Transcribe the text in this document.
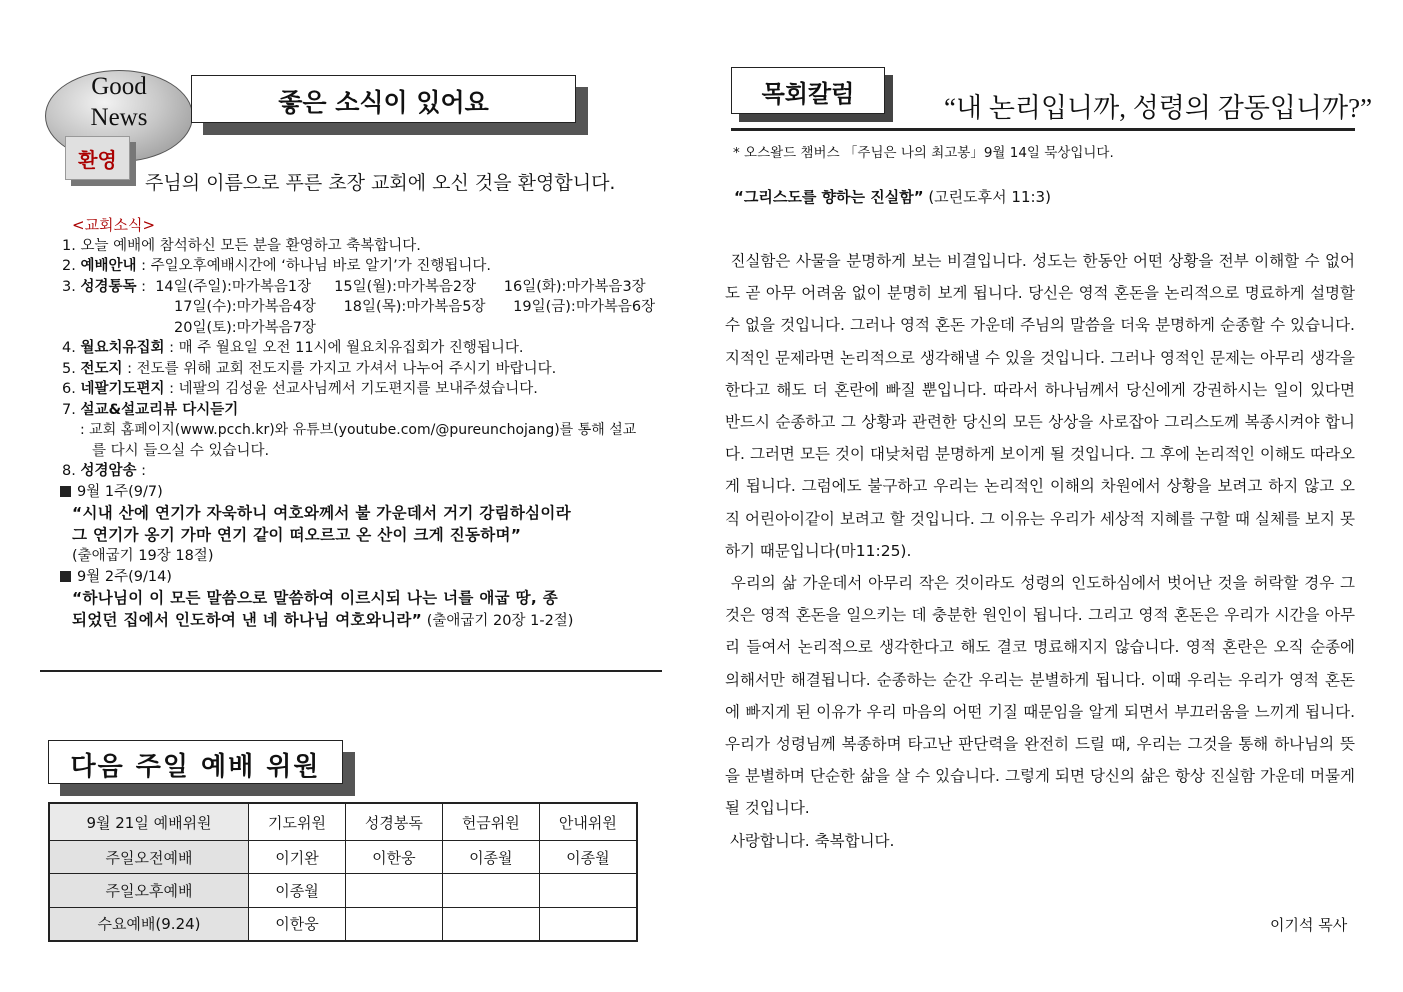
Good
News
좋은 소식이 있어요
환영
주님의 이름으로 푸른 초장 교회에 오신 것을 환영합니다.
<교회소식>
1. 오늘 예배에 참석하신 모든 분을 환영하고 축복합니다.
2. 예배안내 : 주일오후예배시간에 ‘하나님 바로 알기’가 진행됩니다.
3. 성경통독 :  14일(주일):마가복음1장     15일(월):마가복음2장      16일(화):마가복음3장
17일(수):마가복음4장      18일(목):마가복음5장      19일(금):마가복음6장
20일(토):마가복음7장
4. 월요치유집회 : 매 주 월요일 오전 11시에 월요치유집회가 진행됩니다.
5. 전도지 : 전도를 위해 교회 전도지를 가지고 가셔서 나누어 주시기 바랍니다.
6. 네팔기도편지 : 네팔의 김성윤 선교사님께서 기도편지를 보내주셨습니다.
7. 설교&설교리뷰 다시듣기
: 교회 홈페이지(www.pcch.kr)와 유튜브(youtube.com/@pureunchojang)를 통해 설교
를 다시 들으실 수 있습니다.
8. 성경암송 :
9월 1주(9/7)
“시내 산에 연기가 자욱하니 여호와께서 불 가운데서 거기 강림하심이라
그 연기가 옹기 가마 연기 같이 떠오르고 온 산이 크게 진동하며”
(출애굽기 19장 18절)
9월 2주(9/14)
“하나님이 이 모든 말씀으로 말씀하여 이르시되 나는 너를 애굽 땅, 종
되었던 집에서 인도하여 낸 네 하나님 여호와니라” (출애굽기 20장 1-2절)
다음 주일 예배 위원
9월 21일 예배위원	기도위원	성경봉독	헌금위원	안내위원
주일오전예배	이기완	이한웅	이종월	이종월
주일오후예배	이종월			
수요예배(9.24)	이한웅			
목회칼럼	“내 논리입니까, 성령의 감동입니까?”
* 오스왈드 챔버스 「주님은 나의 최고봉」9월 14일 묵상입니다.
“그리스도를 향하는 진실함” (고린도후서 11:3)

진실함은 사물을 분명하게 보는 비결입니다. 성도는 한동안 어떤 상황을 전부 이해할 수 없어도 곧 아무 어려움 없이 분명히 보게 됩니다. 당신은 영적 혼돈을 논리적으로 명료하게 설명할 수 없을 것입니다. 그러나 영적 혼돈 가운데 주님의 말씀을 더욱 분명하게 순종할 수 있습니다. 지적인 문제라면 논리적으로 생각해낼 수 있을 것입니다. 그러나 영적인 문제는 아무리 생각을 한다고 해도 더 혼란에 빠질 뿐입니다. 따라서 하나님께서 당신에게 강권하시는 일이 있다면 반드시 순종하고 그 상황과 관련한 당신의 모든 상상을 사로잡아 그리스도께 복종시켜야 합니다. 그러면 모든 것이 대낮처럼 분명하게 보이게 될 것입니다. 그 후에 논리적인 이해도 따라오게 됩니다. 그럼에도 불구하고 우리는 논리적인 이해의 차원에서 상황을 보려고 하지 않고 오직 어린아이같이 보려고 할 것입니다. 그 이유는 우리가 세상적 지혜를 구할 때 실체를 보지 못하기 때문입니다(마11:25).

우리의 삶 가운데서 아무리 작은 것이라도 성령의 인도하심에서 벗어난 것을 허락할 경우 그것은 영적 혼돈을 일으키는 데 충분한 원인이 됩니다. 그리고 영적 혼돈은 우리가 시간을 아무리 들여서 논리적으로 생각한다고 해도 결코 명료해지지 않습니다. 영적 혼란은 오직 순종에 의해서만 해결됩니다. 순종하는 순간 우리는 분별하게 됩니다. 이때 우리는 우리가 영적 혼돈에 빠지게 된 이유가 우리 마음의 어떤 기질 때문임을 알게 되면서 부끄러움을 느끼게 됩니다. 우리가 성령님께 복종하며 타고난 판단력을 완전히 드릴 때, 우리는 그것을 통해 하나님의 뜻을 분별하며 단순한 삶을 살 수 있습니다. 그렇게 되면 당신의 삶은 항상 진실함 가운데 머물게 될 것입니다.

사랑합니다. 축복합니다.

이기석 목사
